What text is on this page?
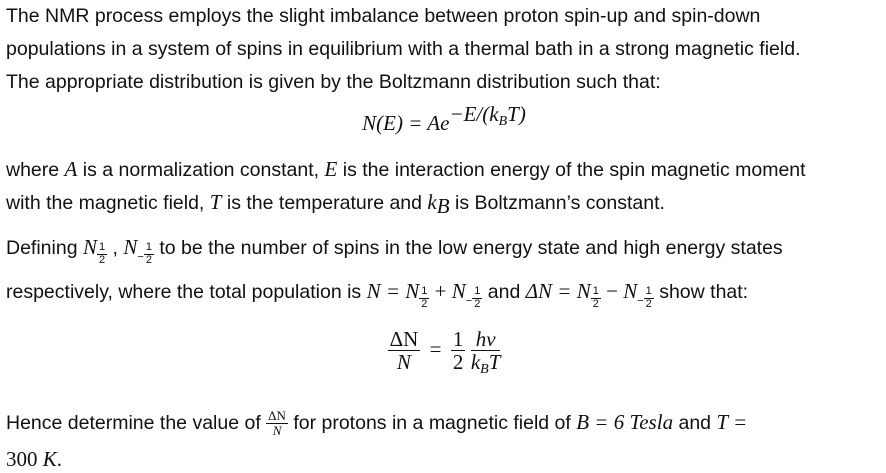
The NMR process employs the slight imbalance between proton spin-up and spin-down
populations in a system of spins in equilibrium with a thermal bath in a strong magnetic field.
The appropriate distribution is given by the Boltzmann distribution such that:
$N(E) = Ae^{-E/(k_BT)}$
where A is a normalization constant, E is the interaction energy of the spin magnetic moment
with the magnetic field, T is the temperature and $k_B$ is Boltzmann’s constant.
Defining N $\frac{1}{2}$ , $N_- \frac{1}{2}$ to be the number of spins in the low energy state and high energy states
respectively, where the total population is N = N $\frac{1}{2} + N_- \frac{1}{2}$ and ΔN = N $\frac{1}{2} - N_- \frac{1}{2}$ show that:
$\frac{\Delta N}{N} = \frac{1}{2}$
$\frac{h\nu}{k_BT}$
Hence determine the value of $\frac{\Delta N}{N}$ for protons in a magnetic field of B = 6 Tesla and T =
300 K.
